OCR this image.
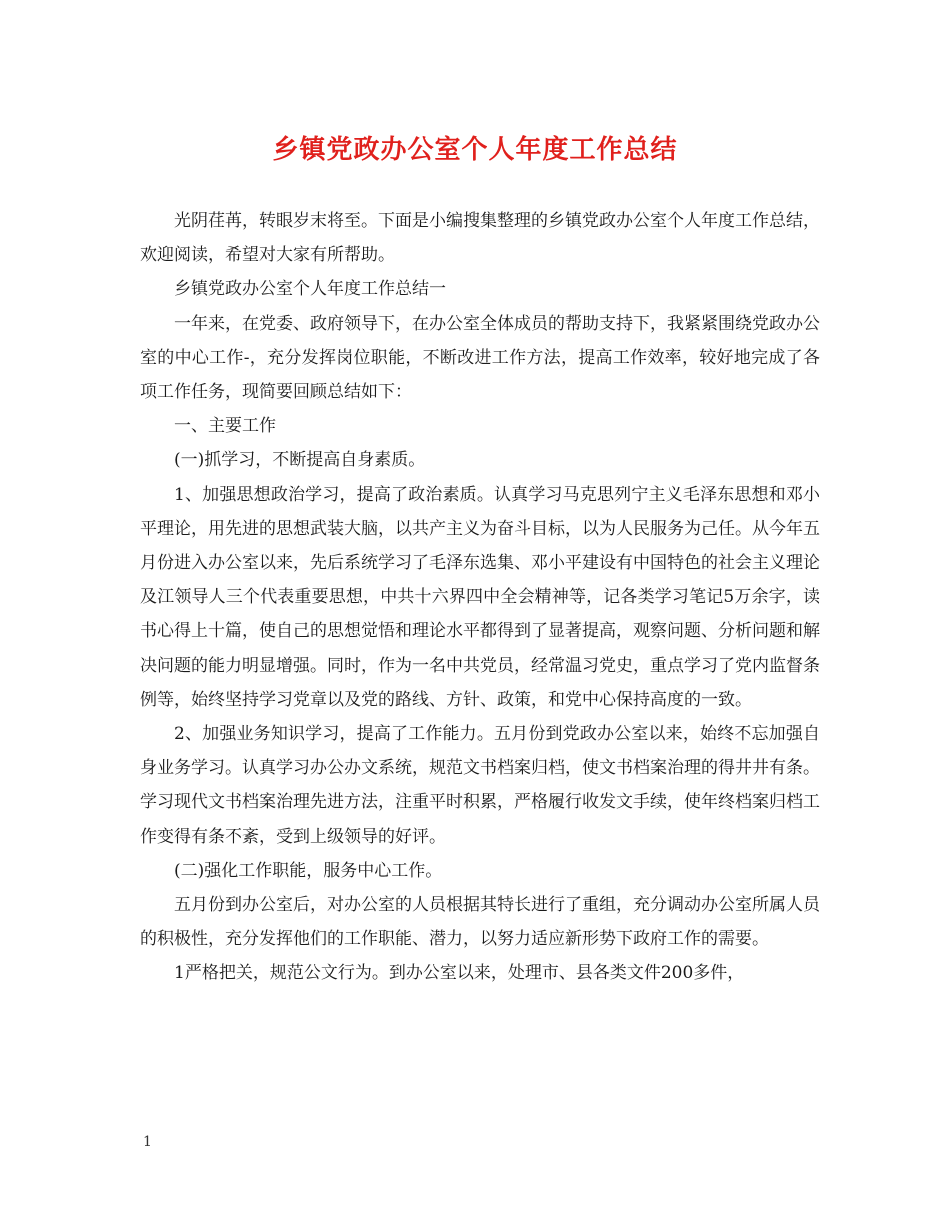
乡镇党政办公室个人年度工作总结

光阴荏苒，转眼岁末将至。下面是小编搜集整理的乡镇党政办公室个人年度工作总结，欢迎阅读，希望对大家有所帮助。

乡镇党政办公室个人年度工作总结一

一年来，在党委、政府领导下，在办公室全体成员的帮助支持下，我紧紧围绕党政办公室的中心工作-，充分发挥岗位职能，不断改进工作方法，提高工作效率，较好地完成了各项工作任务，现简要回顾总结如下：

一、主要工作

(一)抓学习，不断提高自身素质。

1、加强思想政治学习，提高了政治素质。认真学习马克思列宁主义毛泽东思想和邓小平理论，用先进的思想武装大脑，以共产主义为奋斗目标，以为人民服务为己任。从今年五月份进入办公室以来，先后系统学习了毛泽东选集、邓小平建设有中国特色的社会主义理论及江领导人三个代表重要思想，中共十六界四中全会精神等，记各类学习笔记5万余字，读书心得上十篇，使自己的思想觉悟和理论水平都得到了显著提高，观察问题、分析问题和解决问题的能力明显增强。同时，作为一名中共党员，经常温习党史，重点学习了党内监督条例等，始终坚持学习党章以及党的路线、方针、政策，和党中心保持高度的一致。

2、加强业务知识学习，提高了工作能力。五月份到党政办公室以来，始终不忘加强自身业务学习。认真学习办公办文系统，规范文书档案归档，使文书档案治理的得井井有条。学习现代文书档案治理先进方法，注重平时积累，严格履行收发文手续，使年终档案归档工作变得有条不紊，受到上级领导的好评。

(二)强化工作职能，服务中心工作。

五月份到办公室后，对办公室的人员根据其特长进行了重组，充分调动办公室所属人员的积极性，充分发挥他们的工作职能、潜力，以努力适应新形势下政府工作的需要。

1严格把关，规范公文行为。到办公室以来，处理市、县各类文件200多件，

1
